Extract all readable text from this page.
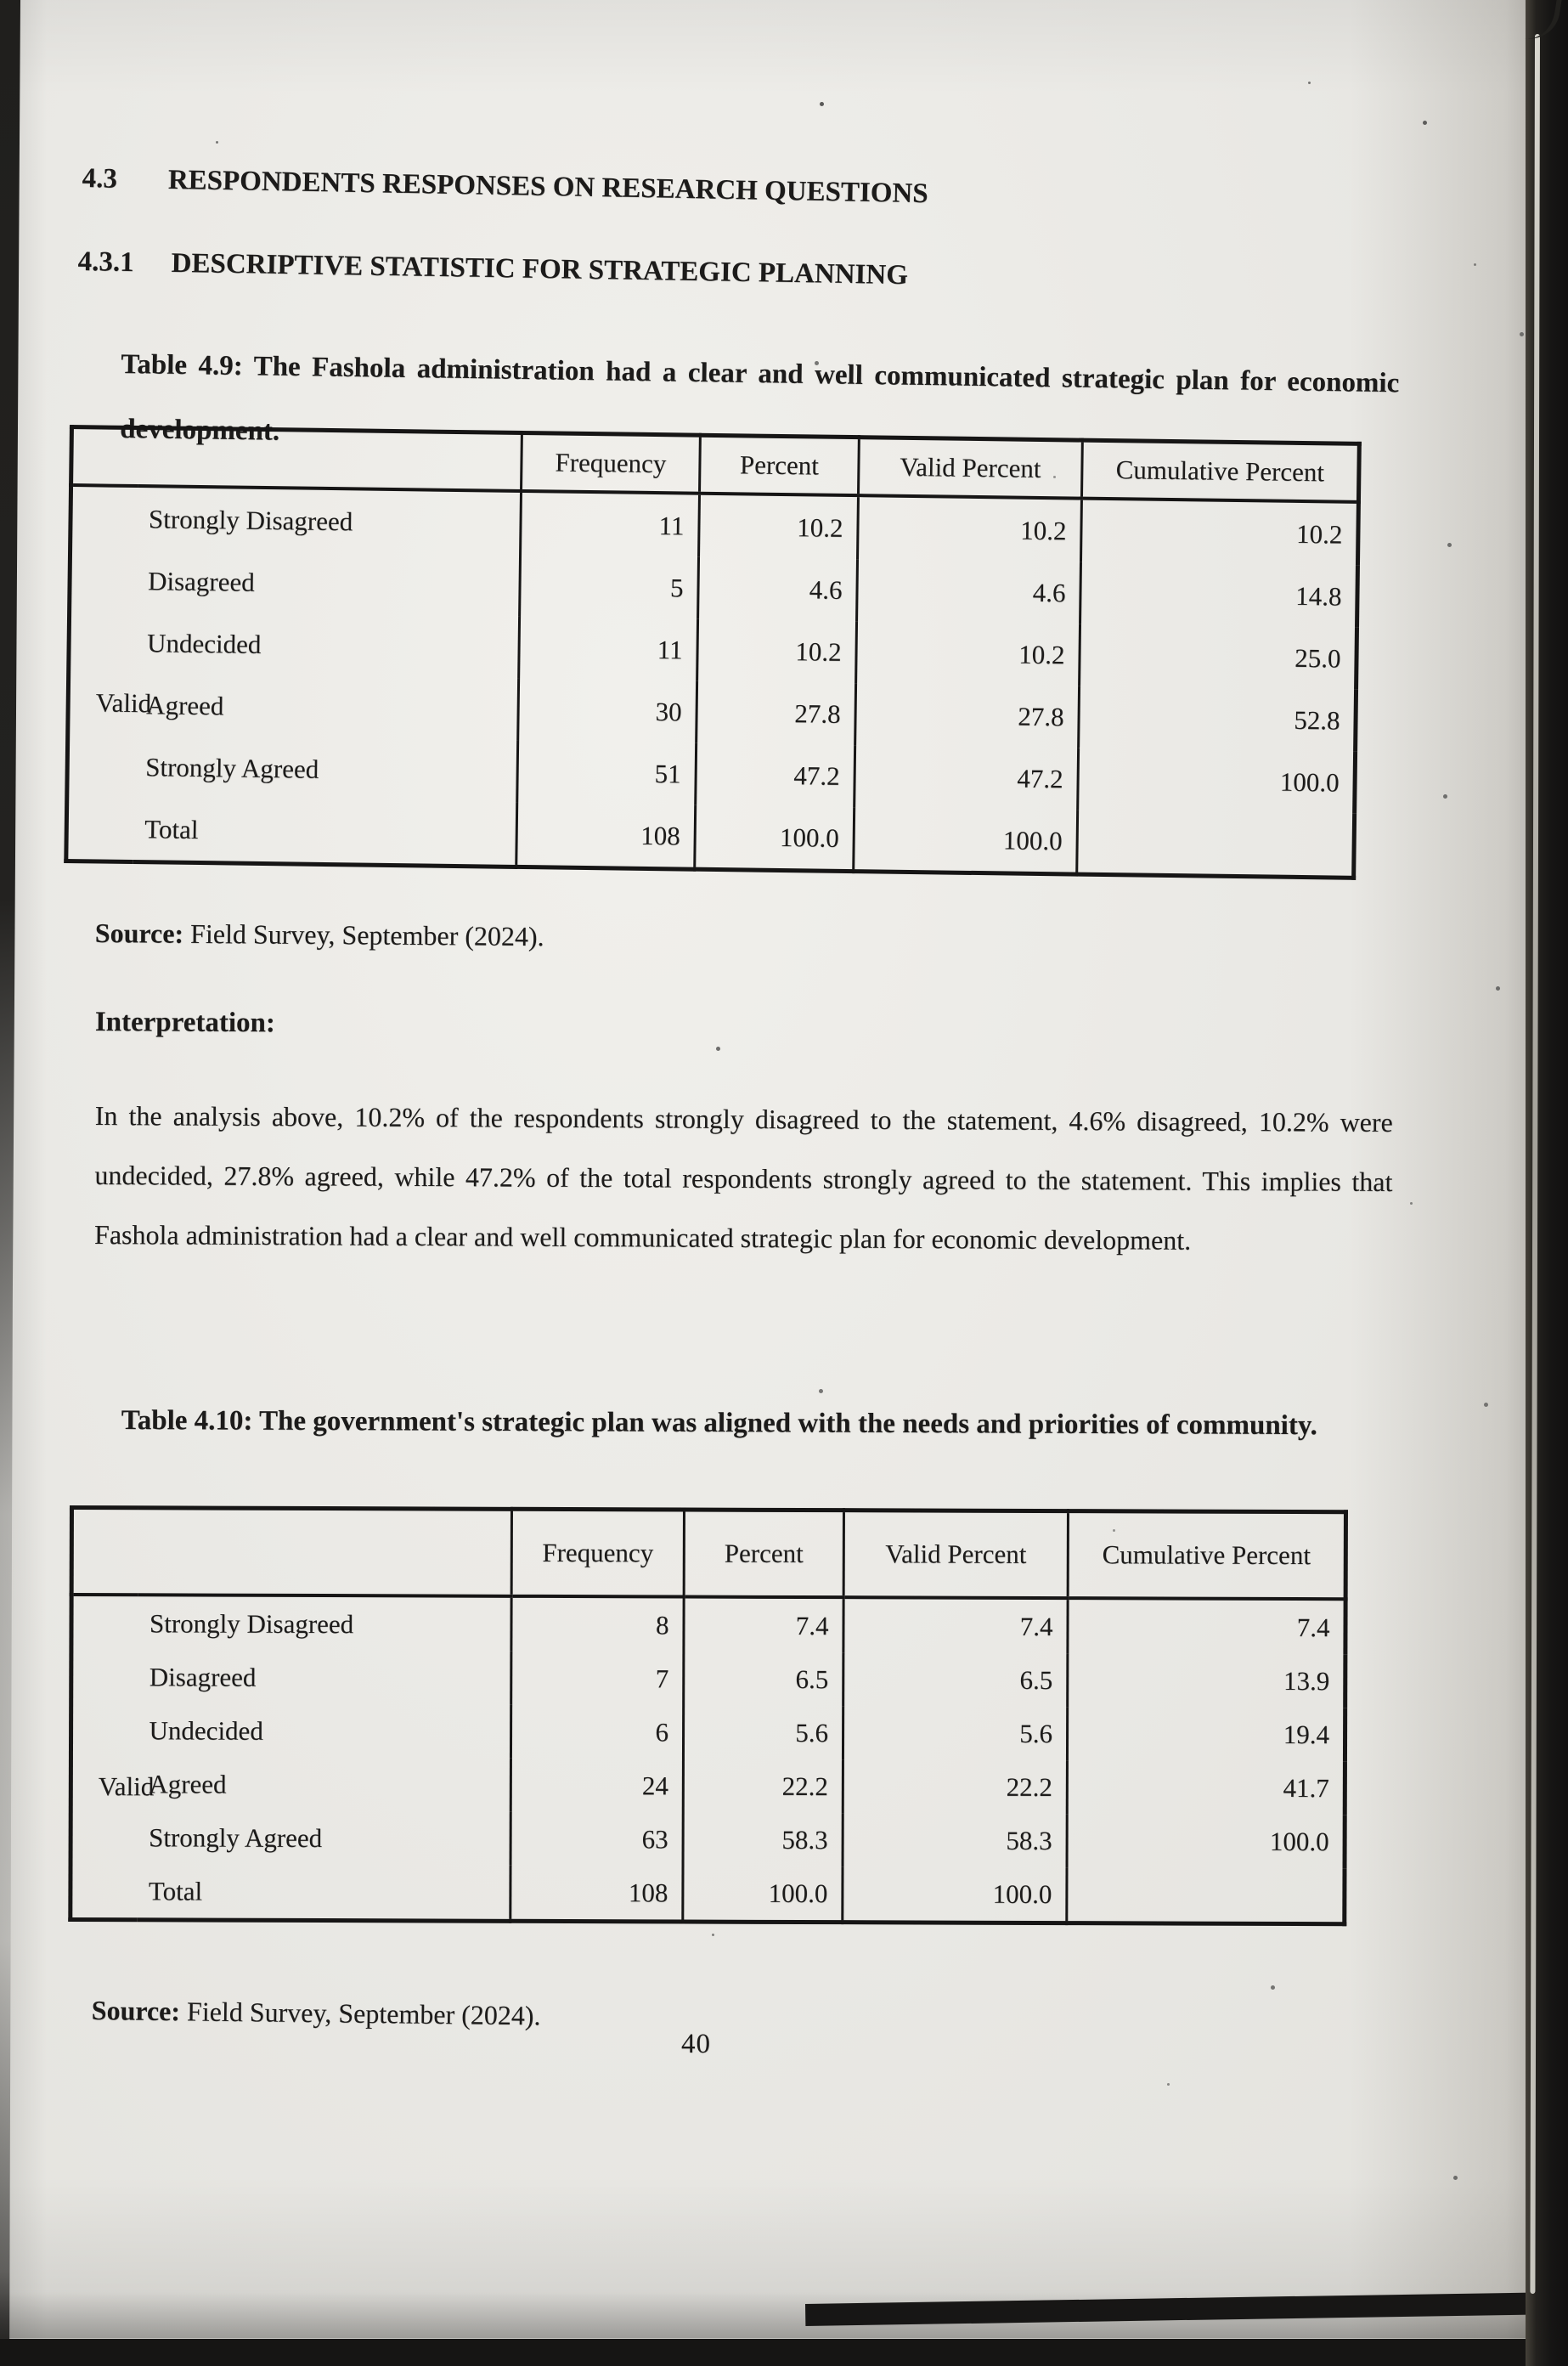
4.3 RESPONDENTS RESPONSES ON RESEARCH QUESTIONS
4.3.1 DESCRIPTIVE STATISTIC FOR STRATEGIC PLANNING

Table 4.9: The Fashola administration had a clear and well communicated strategic plan for economic development.

		Frequency	Percent	Valid Percent	Cumulative Percent
Valid	Strongly Disagreed	11	10.2	10.2	10.2
	Disagreed	5	4.6	4.6	14.8
	Undecided	11	10.2	10.2	25.0
	Agreed	30	27.8	27.8	52.8
	Strongly Agreed	51	47.2	47.2	100.0
	Total	108	100.0	100.0	

Source: Field Survey, September (2024).

Interpretation:

In the analysis above, 10.2% of the respondents strongly disagreed to the statement, 4.6% disagreed, 10.2% were undecided, 27.8% agreed, while 47.2% of the total respondents strongly agreed to the statement. This implies that Fashola administration had a clear and well communicated strategic plan for economic development.

Table 4.10: The government's strategic plan was aligned with the needs and priorities of community.

		Frequency	Percent	Valid Percent	Cumulative Percent
Valid	Strongly Disagreed	8	7.4	7.4	7.4
	Disagreed	7	6.5	6.5	13.9
	Undecided	6	5.6	5.6	19.4
	Agreed	24	22.2	22.2	41.7
	Strongly Agreed	63	58.3	58.3	100.0
	Total	108	100.0	100.0	

Source: Field Survey, September (2024).

40
